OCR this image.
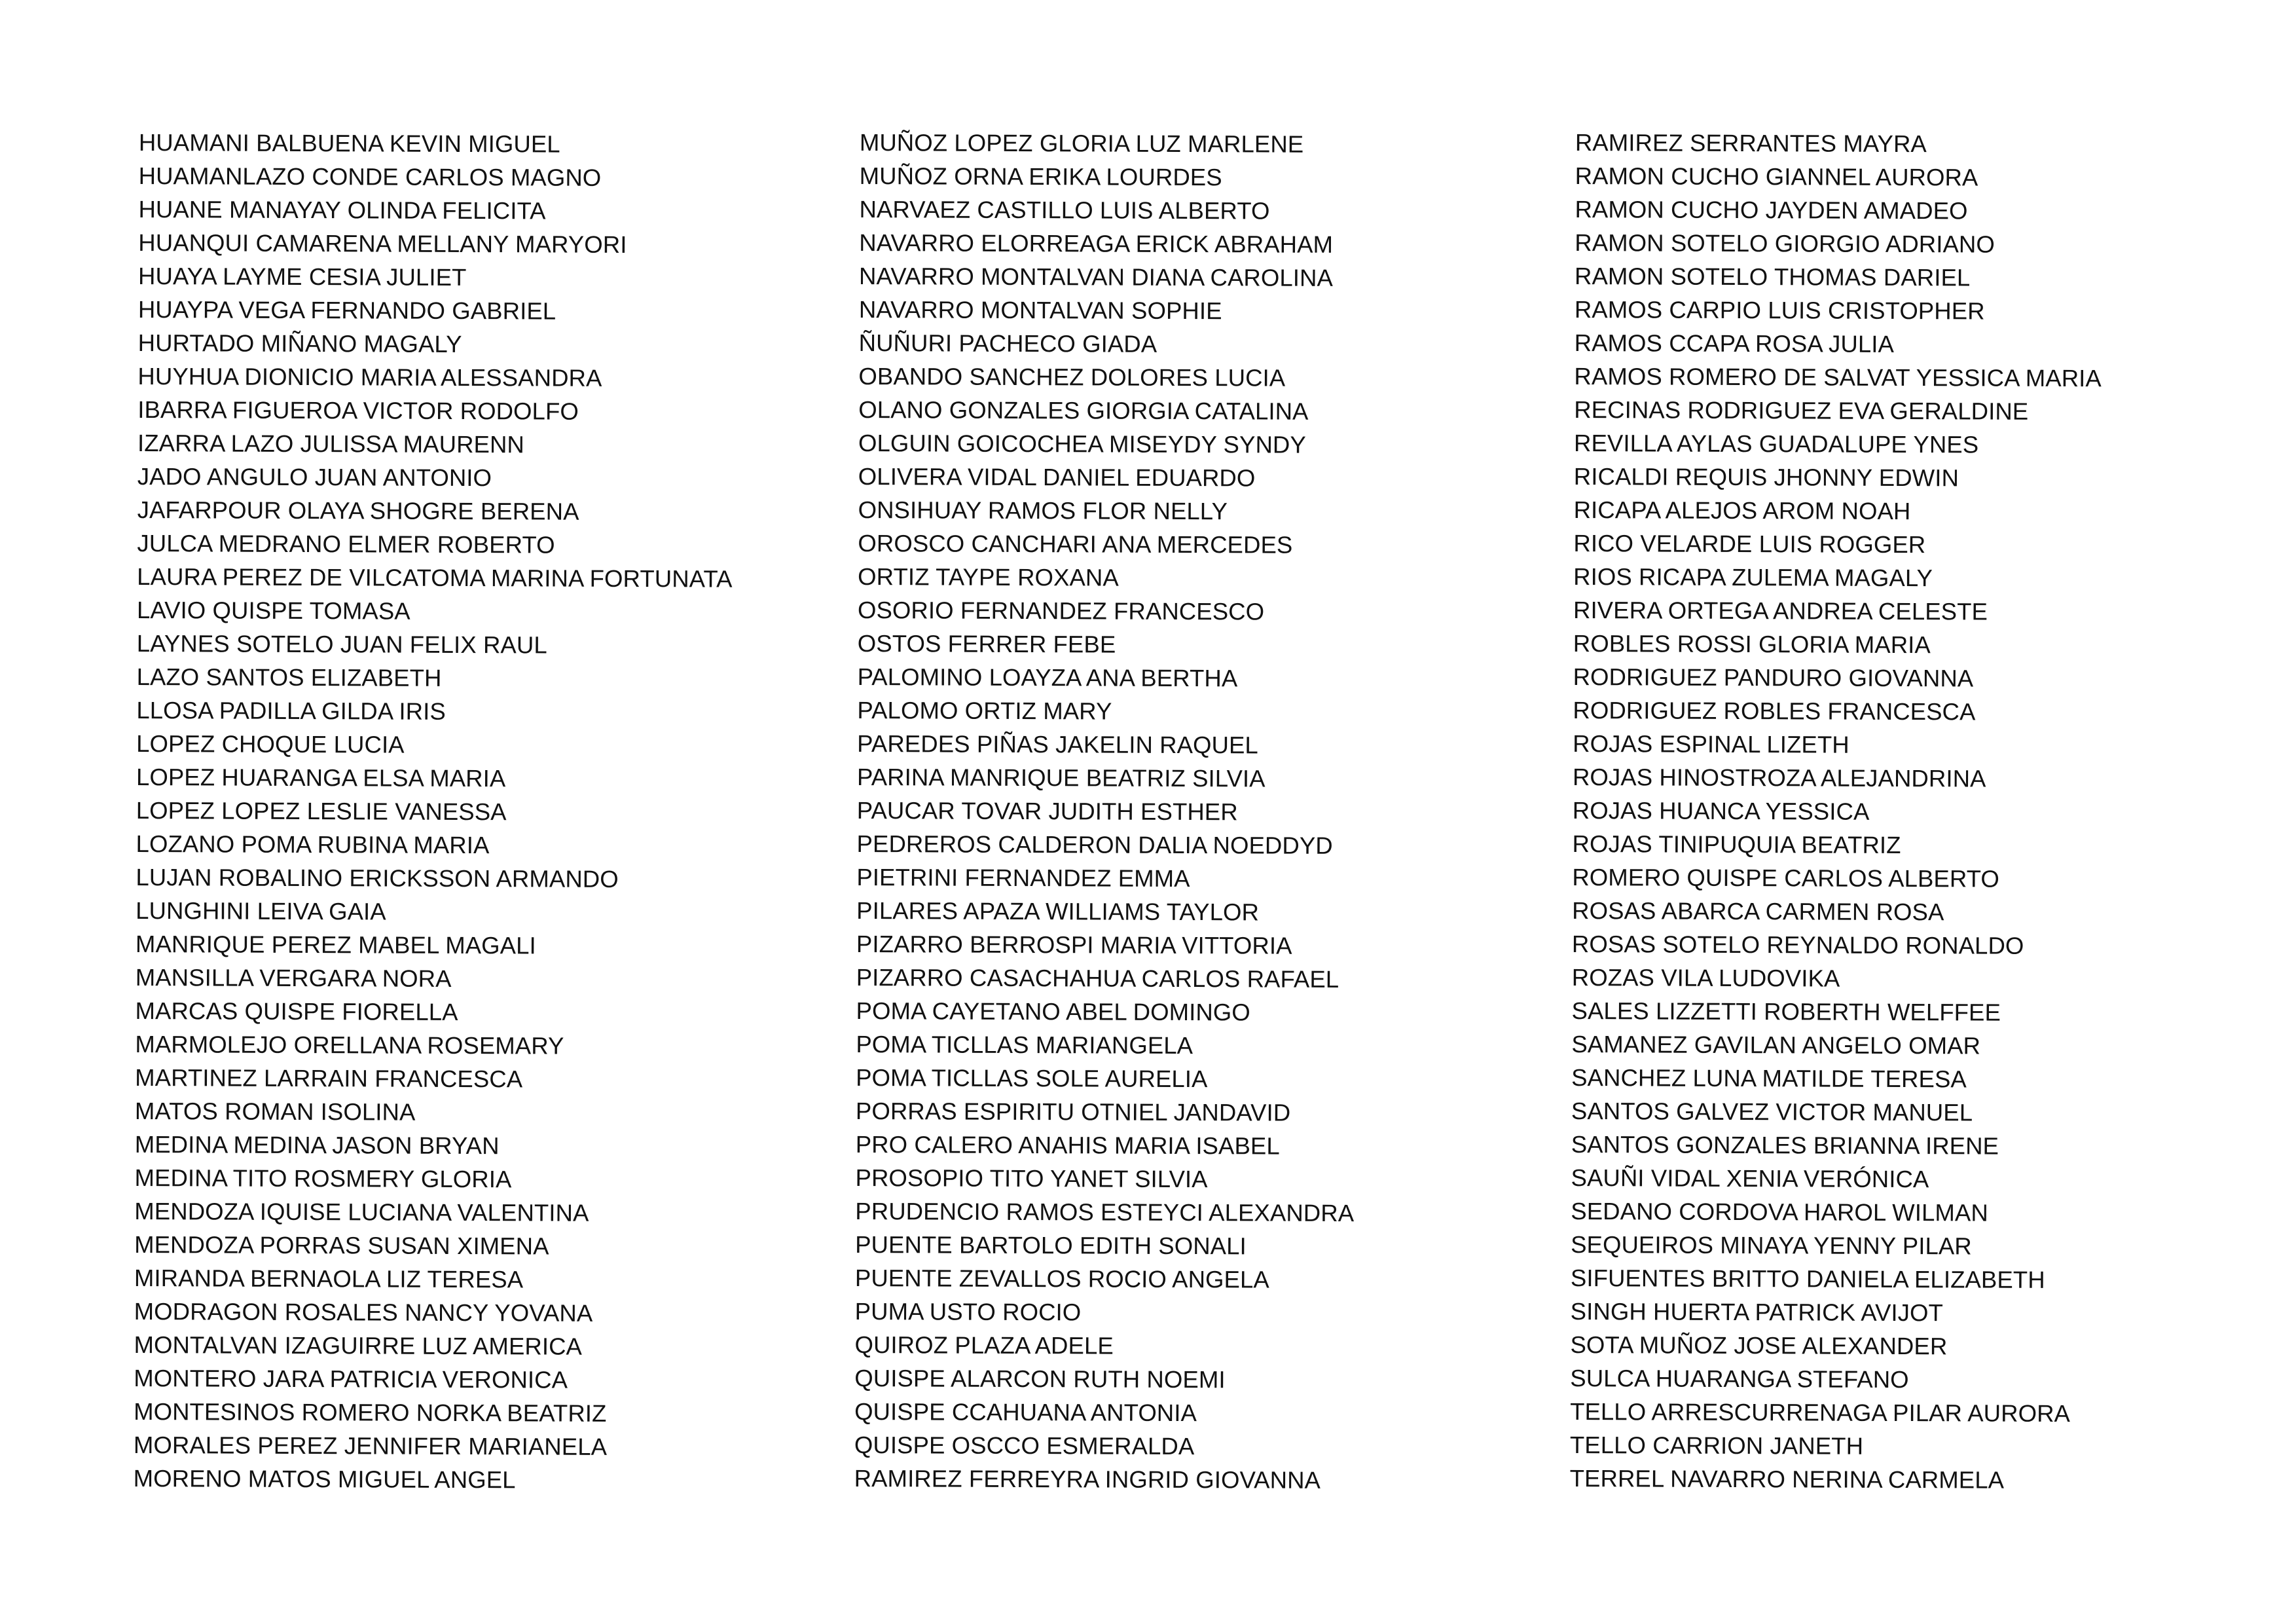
HUAMANI BALBUENA KEVIN MIGUEL
HUAMANLAZO CONDE CARLOS MAGNO
HUANE MANAYAY OLINDA FELICITA
HUANQUI CAMARENA MELLANY MARYORI
HUAYA LAYME CESIA JULIET
HUAYPA VEGA FERNANDO GABRIEL
HURTADO MIÑANO MAGALY
HUYHUA DIONICIO MARIA ALESSANDRA
IBARRA FIGUEROA VICTOR RODOLFO
IZARRA LAZO JULISSA MAURENN
JADO ANGULO JUAN ANTONIO
JAFARPOUR OLAYA SHOGRE BERENA
JULCA MEDRANO ELMER ROBERTO
LAURA PEREZ DE VILCATOMA MARINA FORTUNATA
LAVIO QUISPE TOMASA
LAYNES SOTELO JUAN FELIX RAUL
LAZO SANTOS ELIZABETH
LLOSA PADILLA GILDA IRIS
LOPEZ CHOQUE LUCIA
LOPEZ HUARANGA ELSA MARIA
LOPEZ LOPEZ LESLIE VANESSA
LOZANO POMA RUBINA MARIA
LUJAN ROBALINO ERICKSSON ARMANDO
LUNGHINI LEIVA GAIA
MANRIQUE PEREZ MABEL MAGALI
MANSILLA VERGARA NORA
MARCAS QUISPE FIORELLA
MARMOLEJO ORELLANA ROSEMARY
MARTINEZ LARRAIN FRANCESCA
MATOS ROMAN ISOLINA
MEDINA MEDINA JASON BRYAN
MEDINA TITO ROSMERY GLORIA
MENDOZA IQUISE LUCIANA VALENTINA
MENDOZA PORRAS SUSAN XIMENA
MIRANDA BERNAOLA LIZ TERESA
MODRAGON ROSALES NANCY YOVANA
MONTALVAN IZAGUIRRE LUZ AMERICA
MONTERO JARA PATRICIA VERONICA
MONTESINOS ROMERO NORKA BEATRIZ
MORALES PEREZ JENNIFER MARIANELA
MORENO MATOS MIGUEL ANGEL
MUÑOZ LOPEZ GLORIA LUZ MARLENE
MUÑOZ ORNA ERIKA LOURDES
NARVAEZ CASTILLO LUIS ALBERTO
NAVARRO ELORREAGA ERICK ABRAHAM
NAVARRO MONTALVAN DIANA CAROLINA
NAVARRO MONTALVAN SOPHIE
ÑUÑURI PACHECO GIADA
OBANDO SANCHEZ DOLORES LUCIA
OLANO GONZALES GIORGIA CATALINA
OLGUIN GOICOCHEA MISEYDY SYNDY
OLIVERA VIDAL DANIEL EDUARDO
ONSIHUAY RAMOS FLOR NELLY
OROSCO CANCHARI ANA MERCEDES
ORTIZ TAYPE ROXANA
OSORIO FERNANDEZ FRANCESCO
OSTOS FERRER FEBE
PALOMINO LOAYZA ANA BERTHA
PALOMO ORTIZ MARY
PAREDES PIÑAS JAKELIN RAQUEL
PARINA MANRIQUE BEATRIZ SILVIA
PAUCAR TOVAR JUDITH ESTHER
PEDREROS CALDERON DALIA NOEDDYD
PIETRINI FERNANDEZ EMMA
PILARES APAZA WILLIAMS TAYLOR
PIZARRO BERROSPI MARIA VITTORIA
PIZARRO CASACHAHUA CARLOS RAFAEL
POMA CAYETANO ABEL DOMINGO
POMA TICLLAS MARIANGELA
POMA TICLLAS SOLE AURELIA
PORRAS ESPIRITU OTNIEL JANDAVID
PRO CALERO ANAHIS MARIA ISABEL
PROSOPIO TITO YANET SILVIA
PRUDENCIO RAMOS ESTEYCI ALEXANDRA
PUENTE BARTOLO EDITH SONALI
PUENTE ZEVALLOS ROCIO ANGELA
PUMA USTO ROCIO
QUIROZ PLAZA ADELE
QUISPE ALARCON RUTH NOEMI
QUISPE CCAHUANA ANTONIA
QUISPE OSCCO ESMERALDA
RAMIREZ FERREYRA INGRID GIOVANNA
RAMIREZ SERRANTES MAYRA
RAMON CUCHO GIANNEL AURORA
RAMON CUCHO JAYDEN AMADEO
RAMON SOTELO GIORGIO ADRIANO
RAMON SOTELO THOMAS DARIEL
RAMOS CARPIO LUIS CRISTOPHER
RAMOS CCAPA ROSA JULIA
RAMOS ROMERO DE SALVAT YESSICA MARIA
RECINAS RODRIGUEZ EVA GERALDINE
REVILLA AYLAS GUADALUPE YNES
RICALDI REQUIS JHONNY EDWIN
RICAPA ALEJOS AROM NOAH
RICO VELARDE LUIS ROGGER
RIOS RICAPA ZULEMA MAGALY
RIVERA ORTEGA ANDREA CELESTE
ROBLES ROSSI GLORIA MARIA
RODRIGUEZ PANDURO GIOVANNA
RODRIGUEZ ROBLES FRANCESCA
ROJAS ESPINAL LIZETH
ROJAS HINOSTROZA ALEJANDRINA
ROJAS HUANCA YESSICA
ROJAS TINIPUQUIA BEATRIZ
ROMERO QUISPE CARLOS ALBERTO
ROSAS ABARCA CARMEN ROSA
ROSAS SOTELO REYNALDO RONALDO
ROZAS VILA LUDOVIKA
SALES LIZZETTI ROBERTH WELFFEE
SAMANEZ GAVILAN ANGELO OMAR
SANCHEZ LUNA MATILDE TERESA
SANTOS GALVEZ VICTOR MANUEL
SANTOS GONZALES BRIANNA IRENE
SAUÑI VIDAL XENIA VERÓNICA
SEDANO CORDOVA HAROL WILMAN
SEQUEIROS MINAYA YENNY PILAR
SIFUENTES BRITTO DANIELA ELIZABETH
SINGH HUERTA PATRICK AVIJOT
SOTA MUÑOZ JOSE ALEXANDER
SULCA HUARANGA STEFANO
TELLO ARRESCURRENAGA PILAR AURORA
TELLO CARRION JANETH
TERREL NAVARRO NERINA CARMELA
